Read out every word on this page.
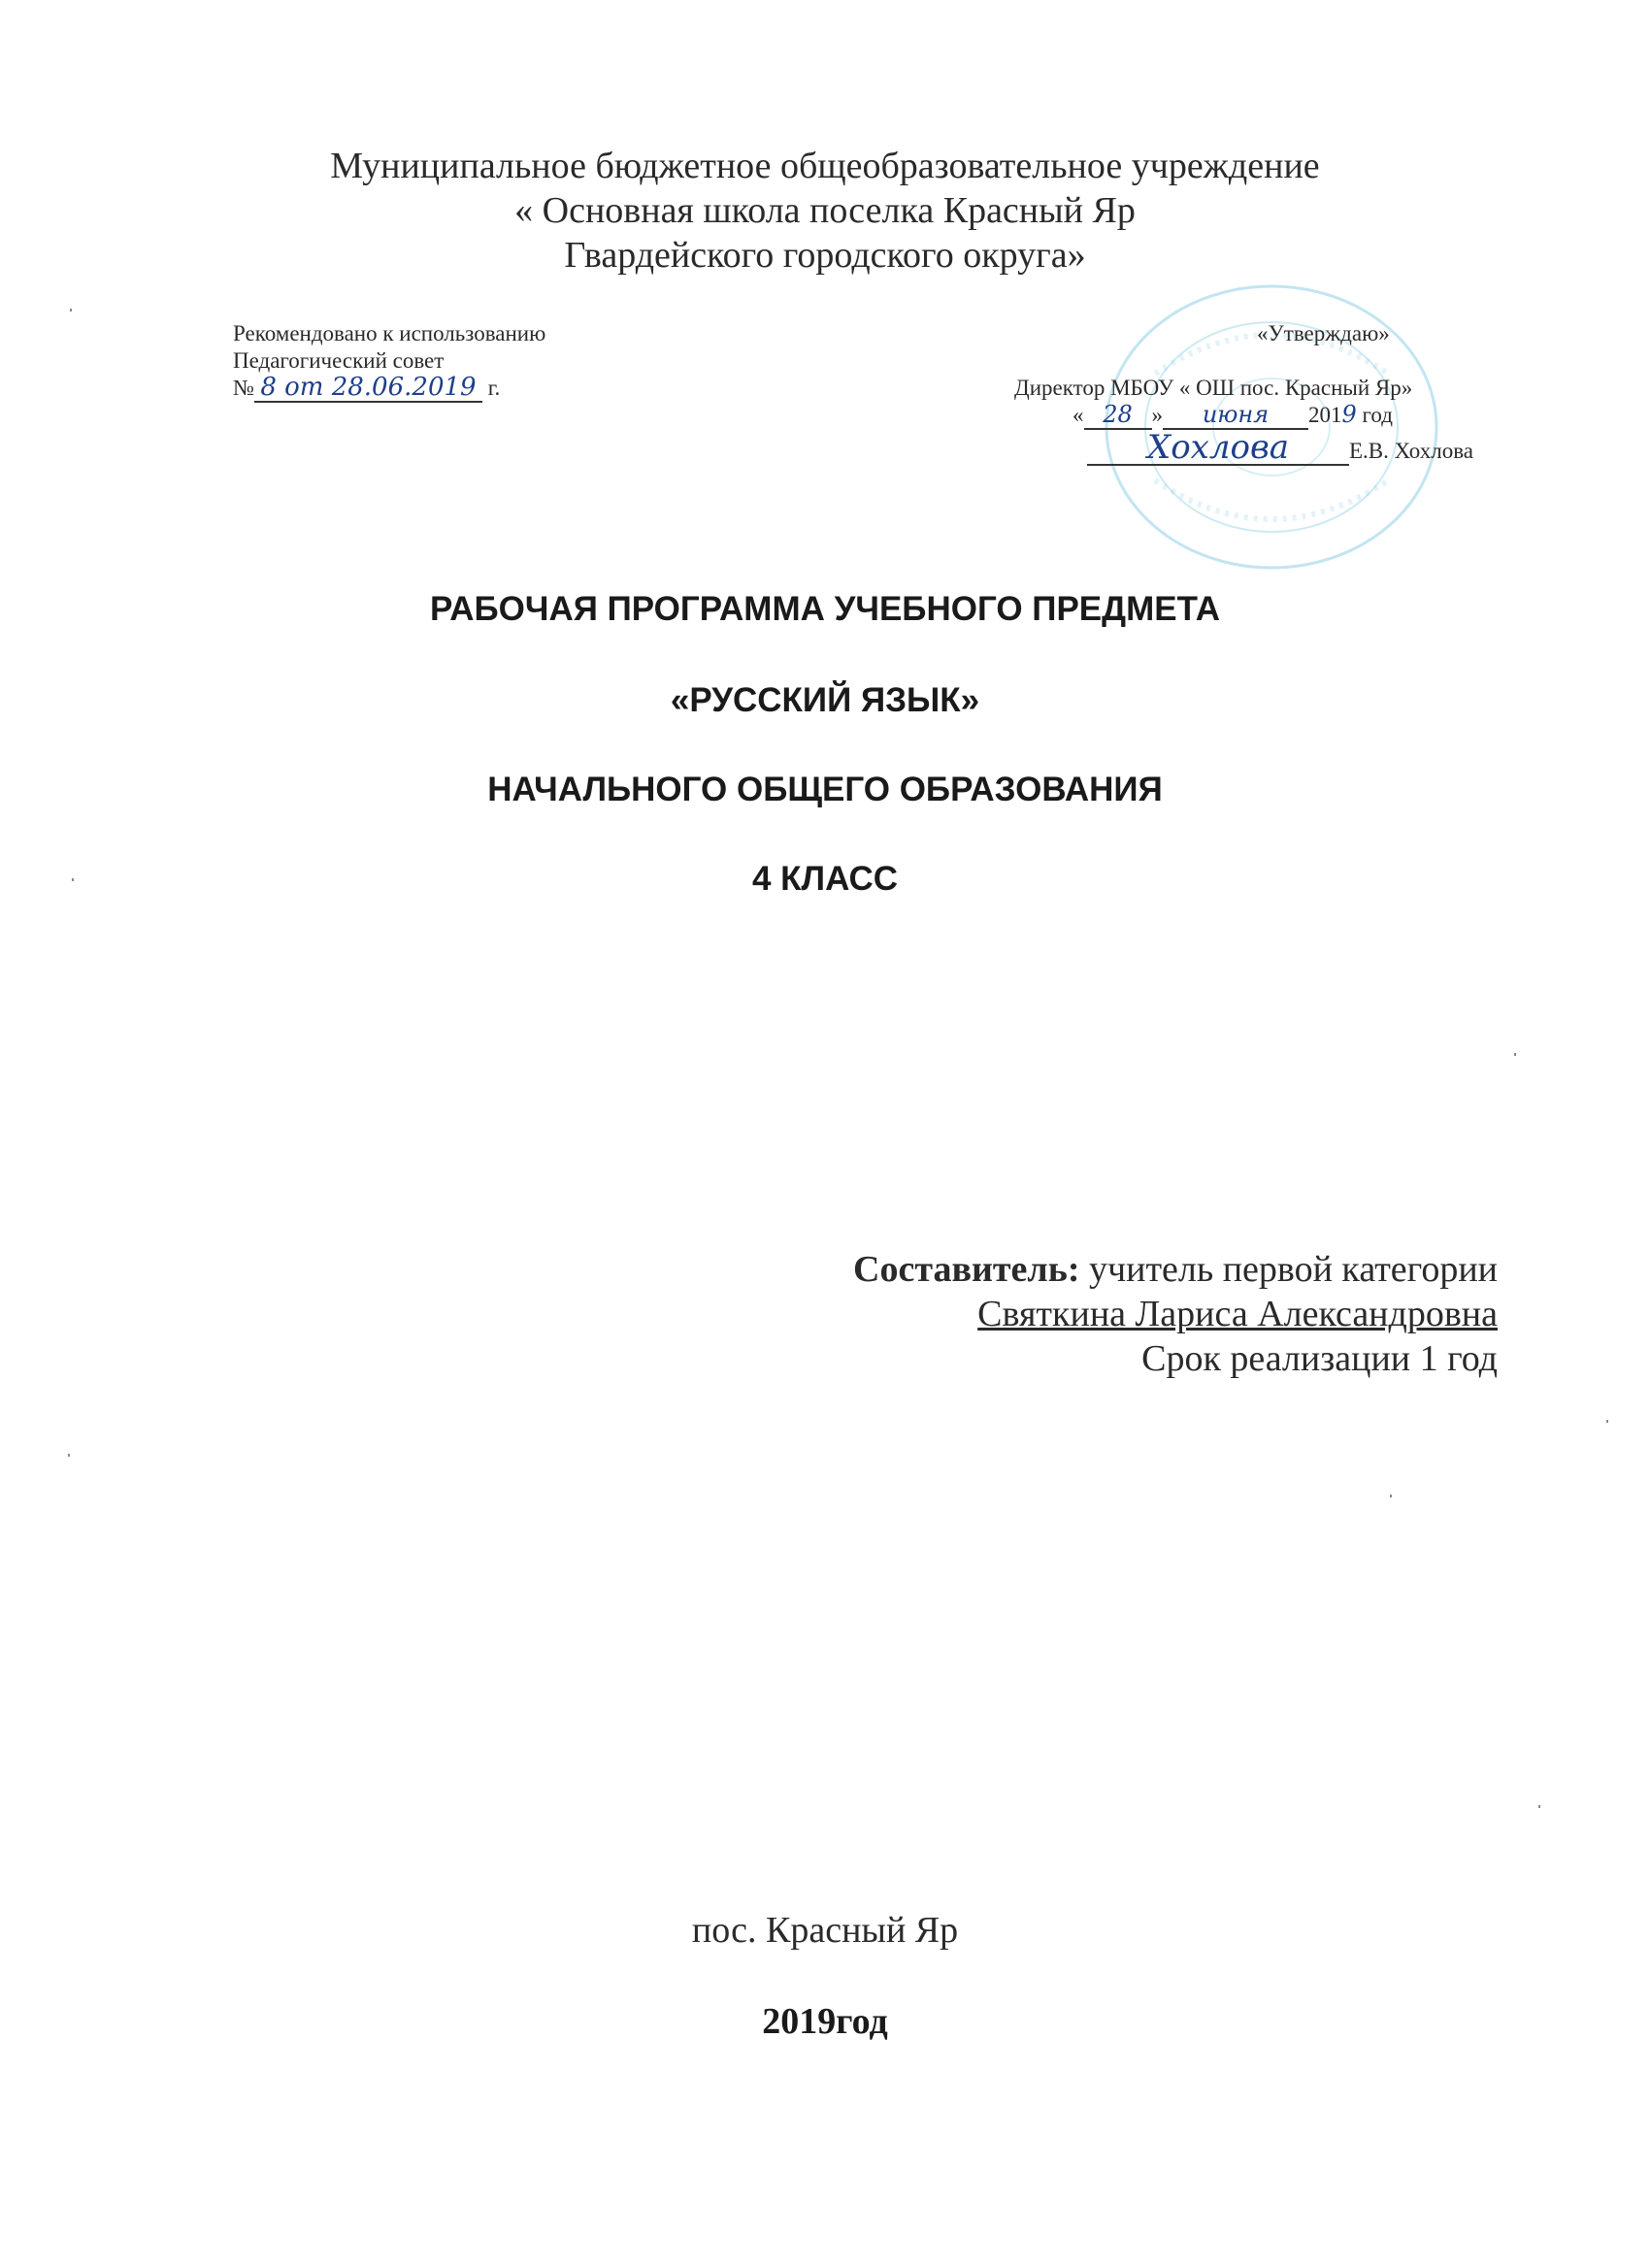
Муниципальное бюджетное общеобразовательное учреждение
« Основная школа поселка Красный Яр
Гвардейского городского округа»
Рекомендовано к использованию
Педагогический совет
№ 8 от 28.06.2019 г.
«Утверждаю»
Директор МБОУ « ОШ пос. Красный Яр»
« 28 » июня 2019 год
Хохлова	Е.В. Хохлова
РАБОЧАЯ ПРОГРАММА УЧЕБНОГО ПРЕДМЕТА
«РУССКИЙ ЯЗЫК»
НАЧАЛЬНОГО ОБЩЕГО ОБРАЗОВАНИЯ
4 КЛАСС
Составитель: учитель первой категории
Святкина Лариса Александровна
Срок реализации 1 год
пос. Красный Яр
2019год
